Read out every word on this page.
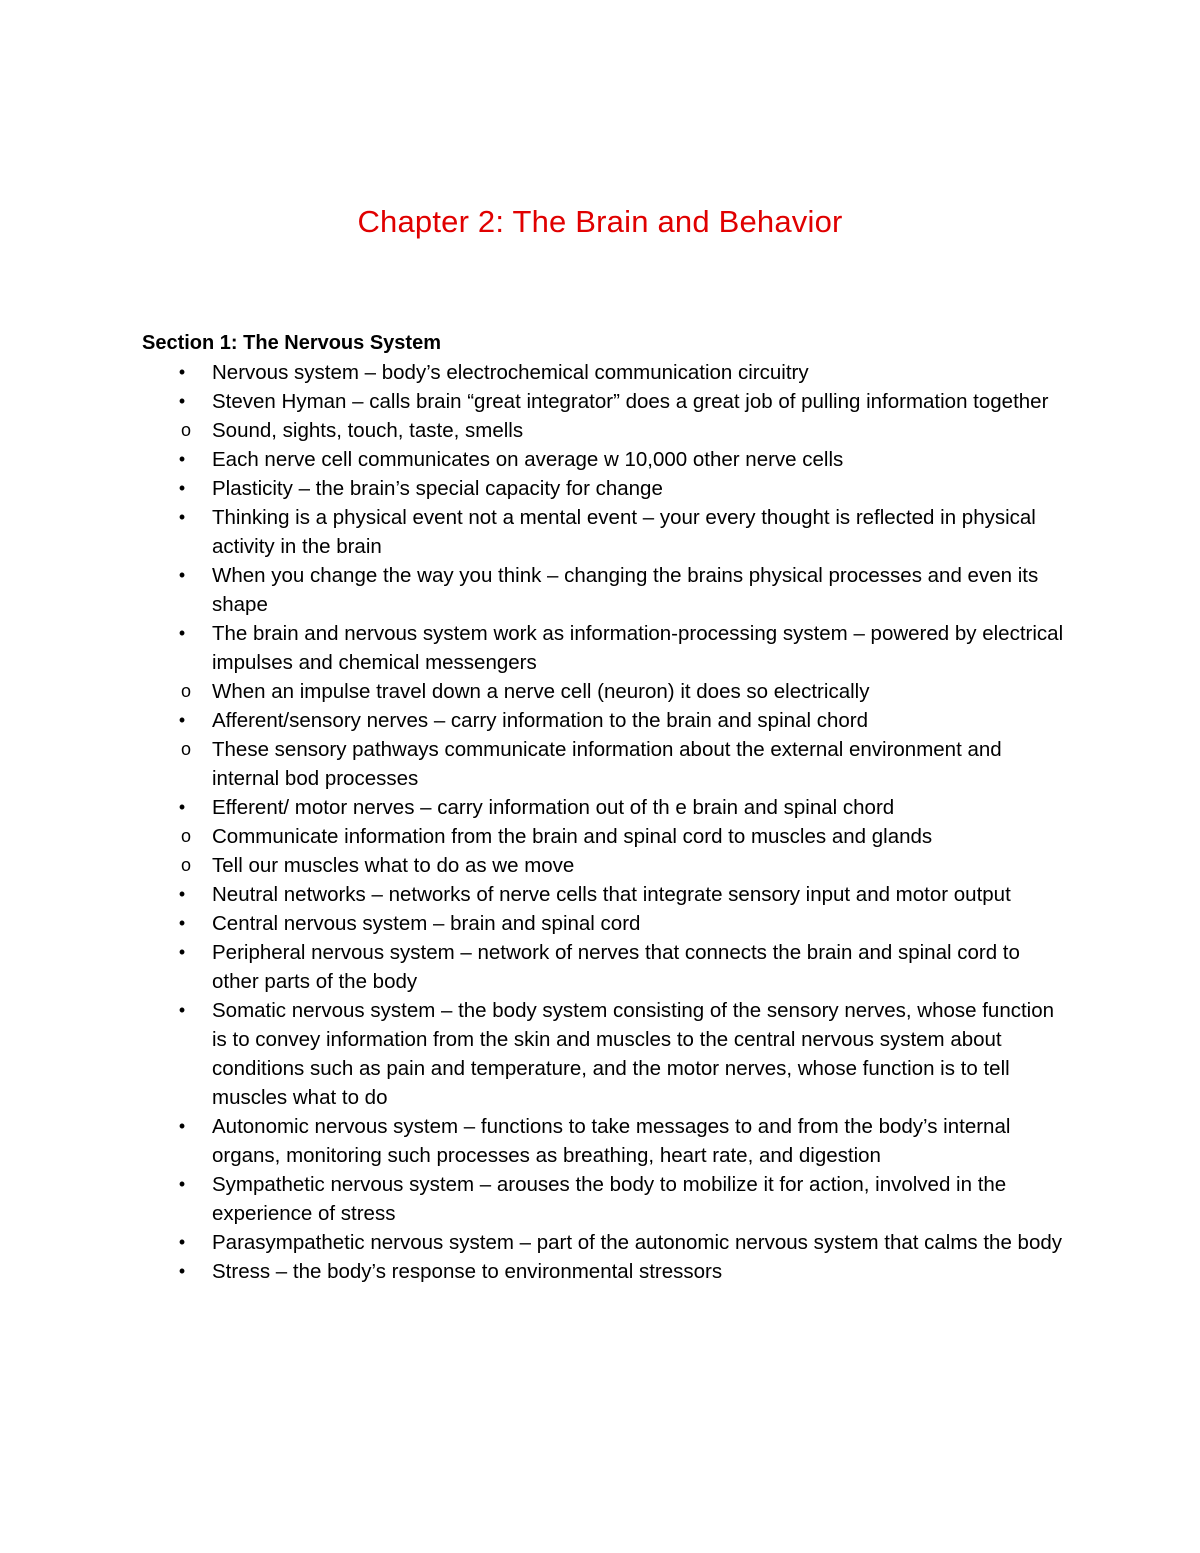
Chapter 2: The Brain and Behavior
Section 1: The Nervous System
•	Nervous system – body’s electrochemical communication circuitry
•	Steven Hyman – calls brain “great integrator” does a great job of pulling information together
o Sound, sights, touch, taste, smells
•	Each nerve cell communicates on average w 10,000 other nerve cells
•	Plasticity – the brain’s special capacity for change
•	Thinking is a physical event not a mental event – your every thought is reflected in physical activity in the brain
•	When you change the way you think – changing the brains physical processes and even its shape
•	The brain and nervous system work as information-processing system – powered by electrical impulses and chemical messengers
o When an impulse travel down a nerve cell (neuron) it does so electrically
•	Afferent/sensory nerves – carry information to the brain and spinal chord
o These sensory pathways communicate information about the external environment and internal bod processes
•	Efferent/ motor nerves – carry information out of th e brain and spinal chord
o Communicate information from the brain and spinal cord to muscles and glands
o Tell our muscles what to do as we move
•	Neutral networks – networks of nerve cells that integrate sensory input and motor output
•	Central nervous system – brain and spinal cord
•	Peripheral nervous system – network of nerves that connects the brain and spinal cord to other parts of the body
•	Somatic nervous system – the body system consisting of the sensory nerves, whose function is to convey information from the skin and muscles to the central nervous system about conditions such as pain and temperature, and the motor nerves, whose function is to tell muscles what to do
•	Autonomic nervous system – functions to take messages to and from the body’s internal organs, monitoring such processes as breathing, heart rate, and digestion
•	Sympathetic nervous system – arouses the body to mobilize it for action, involved in the experience of stress
•	Parasympathetic nervous system – part of the autonomic nervous system that calms the body
•	Stress – the body’s response to environmental stressors
